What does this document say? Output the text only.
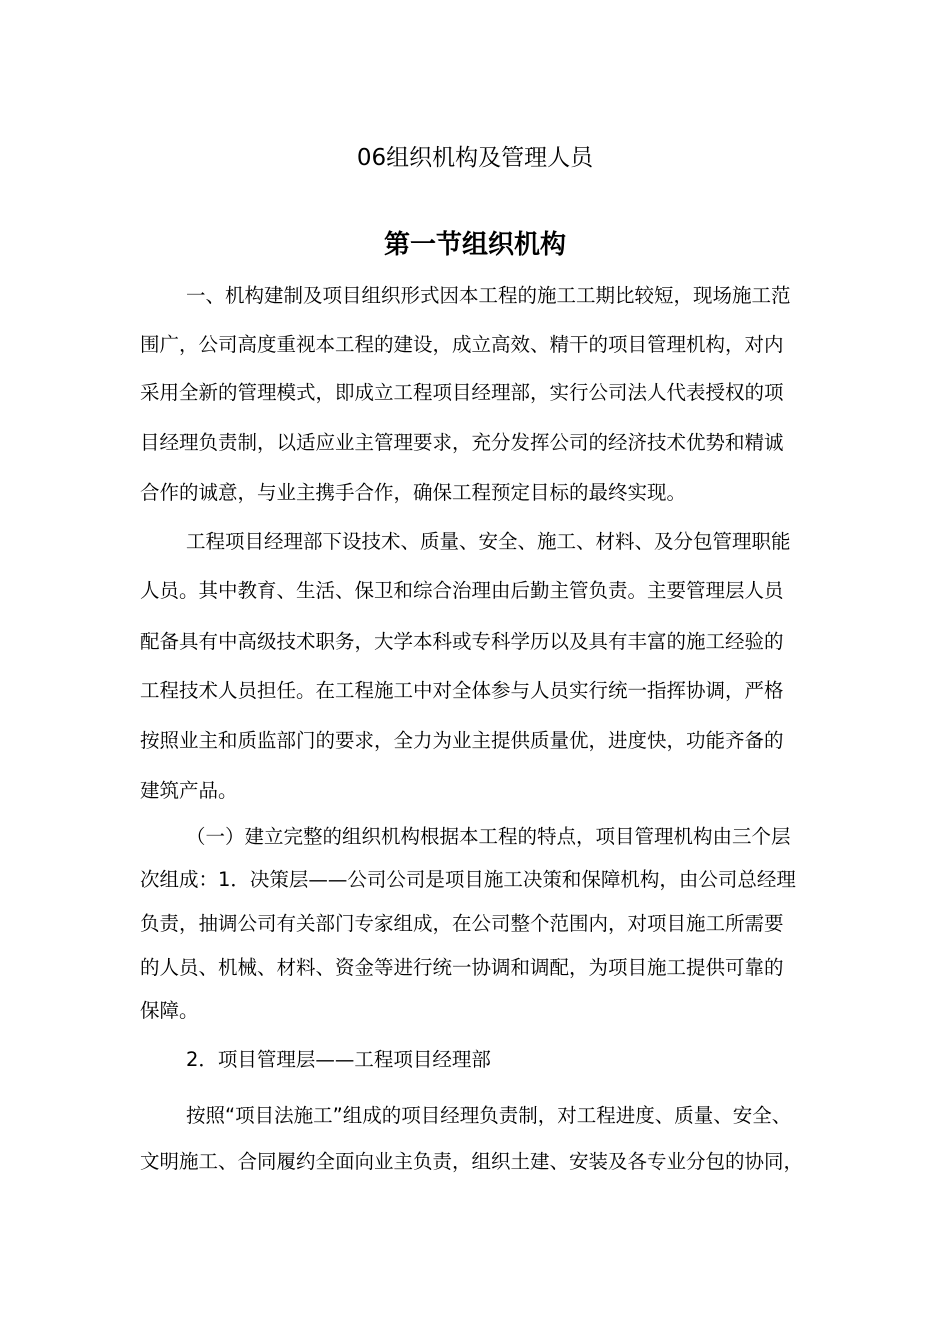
06组织机构及管理人员
第一节组织机构
一、机构建制及项目组织形式因本工程的施工工期比较短，现场施工范
围广，公司高度重视本工程的建设，成立高效、精干的项目管理机构，对内
采用全新的管理模式，即成立工程项目经理部，实行公司法人代表授权的项
目经理负责制，以适应业主管理要求，充分发挥公司的经济技术优势和精诚
合作的诚意，与业主携手合作，确保工程预定目标的最终实现。
工程项目经理部下设技术、质量、安全、施工、材料、及分包管理职能
人员。其中教育、生活、保卫和综合治理由后勤主管负责。主要管理层人员
配备具有中高级技术职务，大学本科或专科学历以及具有丰富的施工经验的
工程技术人员担任。在工程施工中对全体参与人员实行统一指挥协调，严格
按照业主和质监部门的要求，全力为业主提供质量优，进度快，功能齐备的
建筑产品。
（一）建立完整的组织机构根据本工程的特点，项目管理机构由三个层
次组成：1．决策层——公司公司是项目施工决策和保障机构，由公司总经理
负责，抽调公司有关部门专家组成，在公司整个范围内，对项目施工所需要
的人员、机械、材料、资金等进行统一协调和调配，为项目施工提供可靠的
保障。
2．项目管理层——工程项目经理部
按照“项目法施工”组成的项目经理负责制，对工程进度、质量、安全、
文明施工、合同履约全面向业主负责，组织土建、安装及各专业分包的协同，
